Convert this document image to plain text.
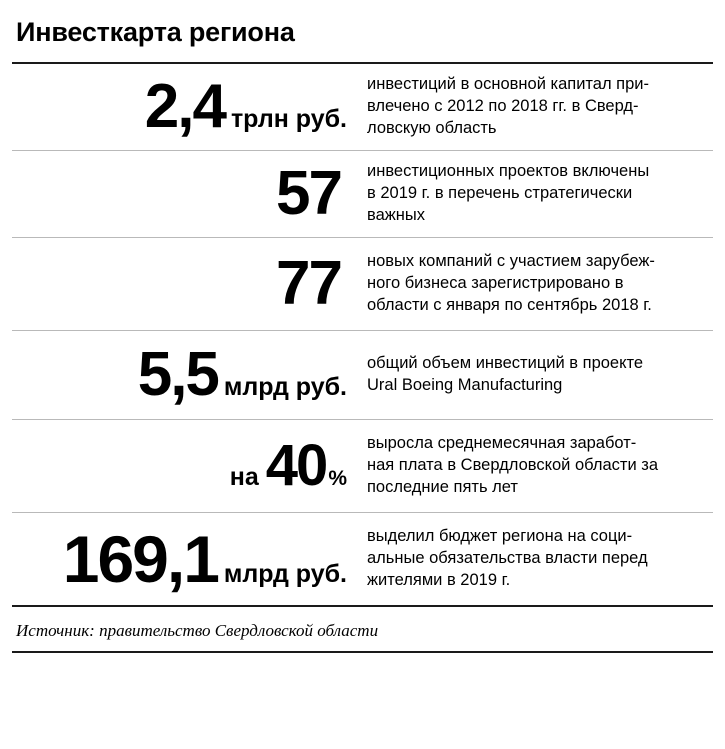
Инвесткарта региона
2,4 трлн руб.
инвестиций в основной капитал при-
влечено с 2012 по 2018 гг. в Сверд-
ловскую область
57 инвестиционных проектов включены
в 2019 г. в перечень стратегически
важных
77 новых компаний с участием зарубеж-
ного бизнеса зарегистрировано в
области с января по сентябрь 2018 г.
5,5 млрд руб.
общий объем инвестиций в проекте
Ural Boeing Manufacturing
на 40 %
выросла среднемесячная заработ-
ная плата в Свердловской области за
последние пять лет
169,1 млрд руб.
выделил бюджет региона на соци-
альные обязательства власти перед
жителями в 2019 г.
Источник: правительство Свердловской области
